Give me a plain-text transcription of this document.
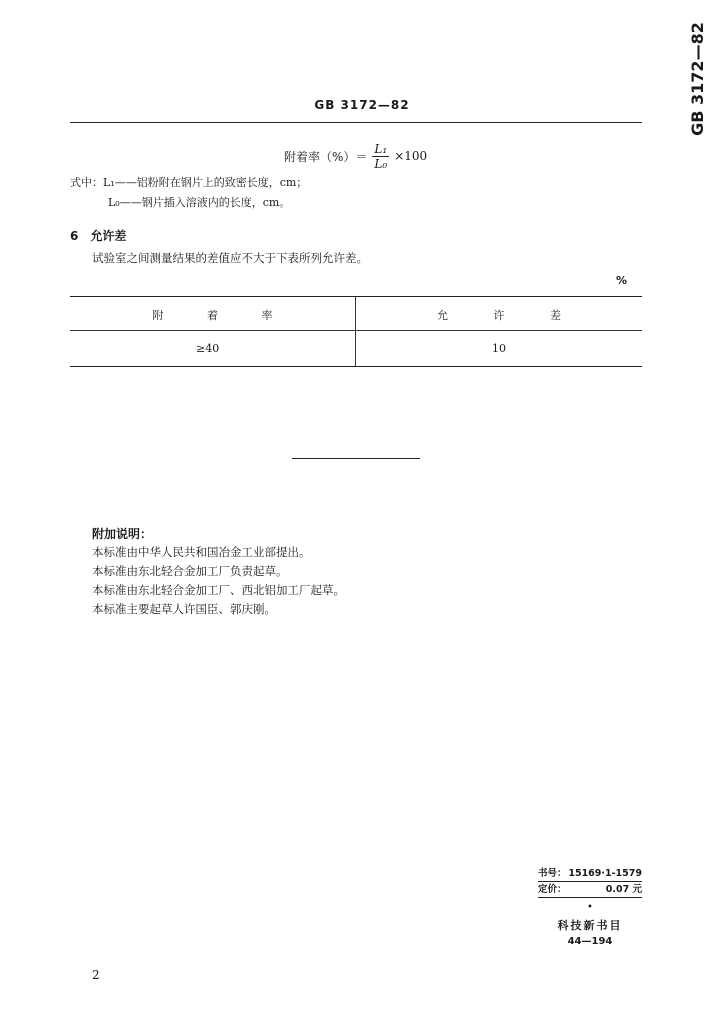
GB 3172—82	GB 3172—82
附着率（%）＝ $\frac{\text{L₁}}{\text{L₀}} \times 100$
式中：L₁——铝粉附在钢片上的致密长度，cm；
L₀——钢片插入溶液内的长度，cm。
6 允许差
试验室之间测量结果的差值应不大于下表所列允许差。
%
附 着 率	允 许 差
≥40	10
附加说明：
本标准由中华人民共和国冶金工业部提出。
本标准由东北轻合金加工厂负责起草。
本标准由东北轻合金加工厂、西北铝加工厂起草。
本标准主要起草人许国臣、郭庆刚。
书号： 15169·1-1579
定价：	0.07 元
•
科技新书目
44—194
2
